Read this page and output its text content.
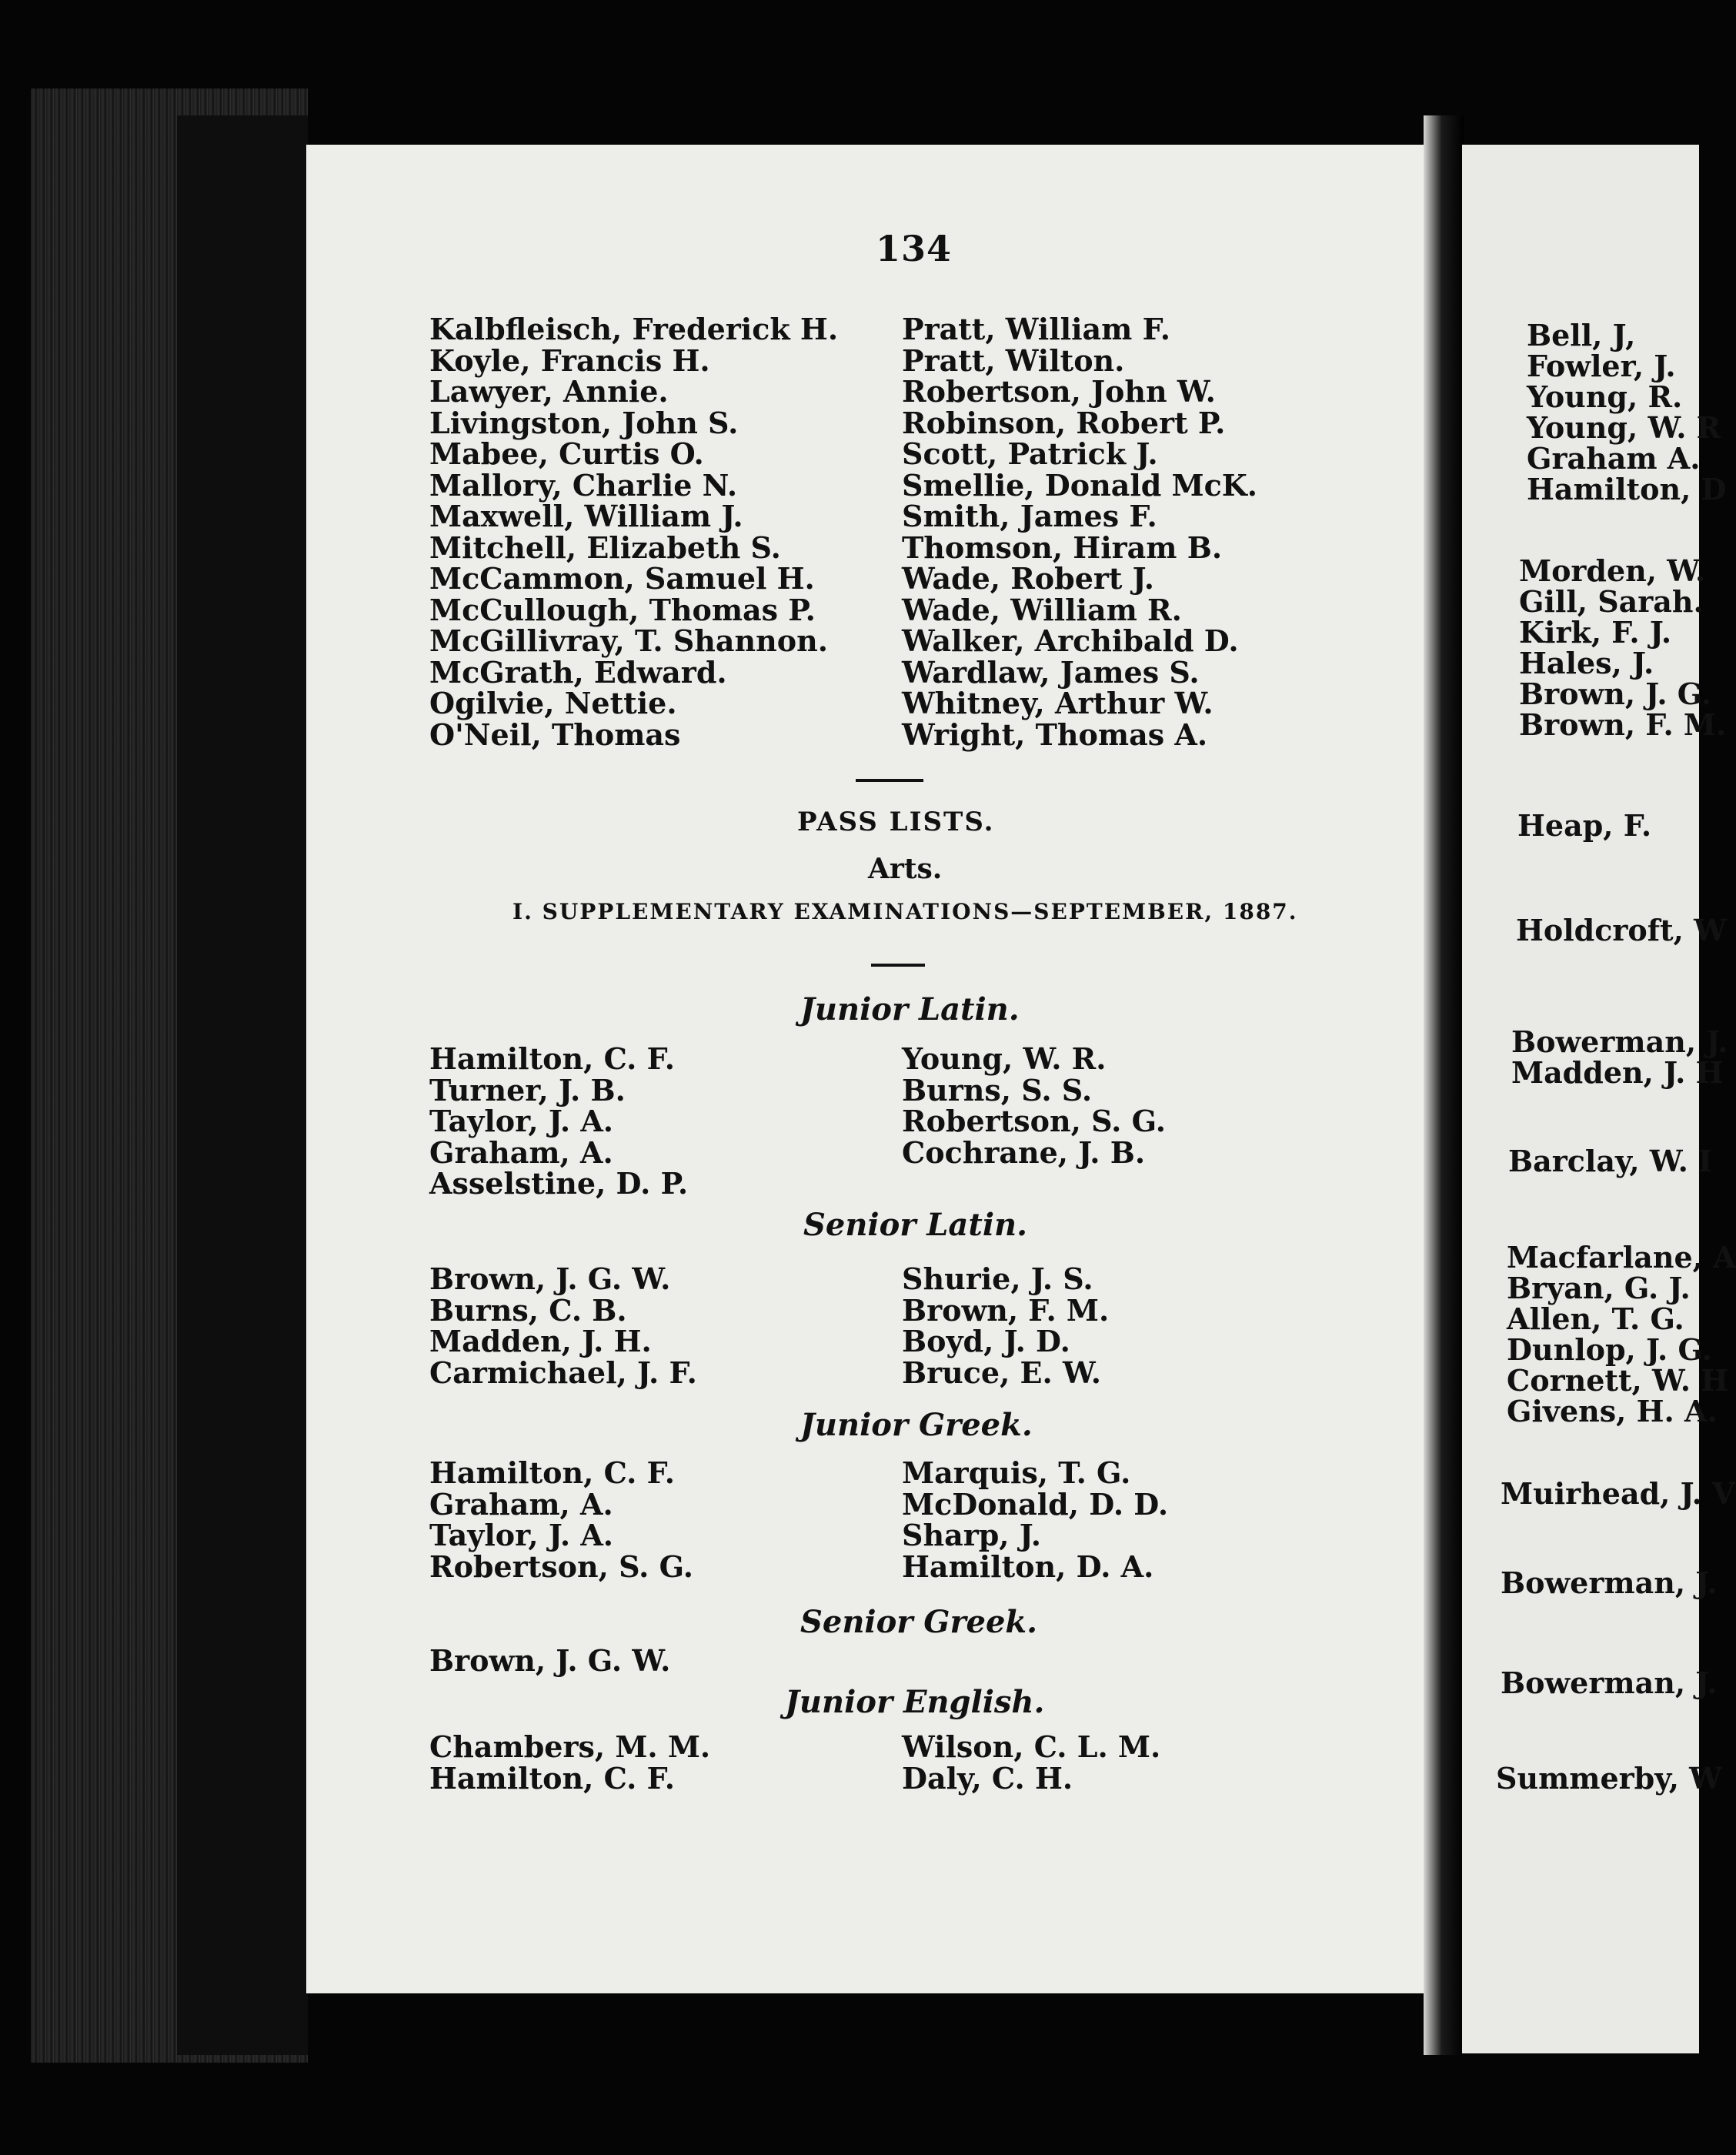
134
Kalbfleisch, Frederick H.
Koyle, Francis H.
Lawyer, Annie.
Livingston, John S.
Mabee, Curtis O.
Mallory, Charlie N.
Maxwell, William J.
Mitchell, Elizabeth S.
McCammon, Samuel H.
McCullough, Thomas P.
McGillivray, T. Shannon.
McGrath, Edward.
Ogilvie, Nettie.
O'Neil, Thomas
Pratt, William F.
Pratt, Wilton.
Robertson, John W.
Robinson, Robert P.
Scott, Patrick J.
Smellie, Donald McK.
Smith, James F.
Thomson, Hiram B.
Wade, Robert J.
Wade, William R.
Walker, Archibald D.
Wardlaw, James S.
Whitney, Arthur W.
Wright, Thomas A.
PASS LISTS.
Arts.
I. SUPPLEMENTARY EXAMINATIONS—SEPTEMBER, 1887.
Junior Latin.
Hamilton, C. F.
Turner, J. B.
Taylor, J. A.
Graham, A.
Asselstine, D. P.
Young, W. R.
Burns, S. S.
Robertson, S. G.
Cochrane, J. B.
Senior Latin.
Brown, J. G. W.
Burns, C. B.
Madden, J. H.
Carmichael, J. F.
Shurie, J. S.
Brown, F. M.
Boyd, J. D.
Bruce, E. W.
Junior Greek.
Hamilton, C. F.
Graham, A.
Taylor, J. A.
Robertson, S. G.
Marquis, T. G.
McDonald, D. D.
Sharp, J.
Hamilton, D. A.
Senior Greek.
Brown, J. G. W.
Junior English.
Chambers, M. M.
Hamilton, C. F.
Wilson, C. L. M.
Daly, C. H.
Bell, J,
Fowler, J.
Young, R.
Young, W. R
Graham A.
Hamilton, D
Morden, W.
Gill, Sarah.
Kirk, F. J.
Hales, J.
Brown, J. G.
Brown, F. M.
Heap, F.
Holdcroft, W
Bowerman, J.
Madden, J. H
Barclay, W. I
Macfarlane, A
Bryan, G. J.
Allen, T. G.
Dunlop, J. G.
Cornett, W. H
Givens, H. A.
Muirhead, J. V
Bowerman, J.
Bowerman, J.
Summerby, W
